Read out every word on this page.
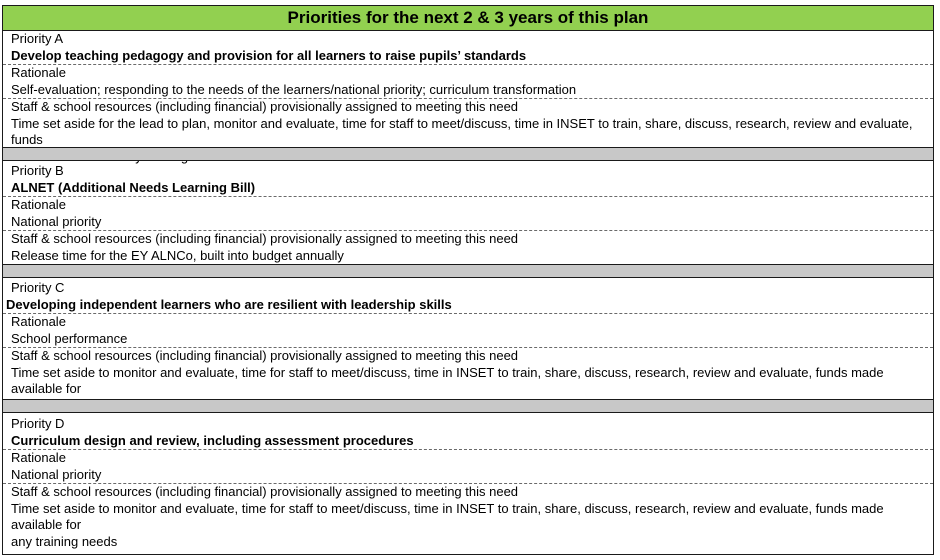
Priorities for the next 2 & 3 years of this plan
Priority A
Develop teaching pedagogy and provision for all learners to raise pupils’ standards
Rationale
Self-evaluation; responding to the needs of the learners/national priority; curriculum transformation
Staff & school resources (including financial) provisionally assigned to meeting this need
Time set aside for the lead to plan, monitor and evaluate, time for staff to meet/discuss, time in INSET to train, share, discuss, research, review and evaluate, funds
Priority B
ALNET (Additional Needs Learning Bill)
Rationale
National priority
Staff & school resources (including financial) provisionally assigned to meeting this need
Release time for the EY ALNCo, built into budget annually
Priority C
Developing independent learners who are resilient with leadership skills
Rationale
School performance
Staff & school resources (including financial) provisionally assigned to meeting this need
Time set aside to monitor and evaluate, time for staff to meet/discuss, time in INSET to train, share, discuss, research, review and evaluate, funds made available for
Priority D
Curriculum design and review, including assessment procedures
Rationale
National priority
Staff & school resources (including financial) provisionally assigned to meeting this need
Time set aside to monitor and evaluate, time for staff to meet/discuss, time in INSET to train, share, discuss, research, review and evaluate, funds made available for
any training needs
